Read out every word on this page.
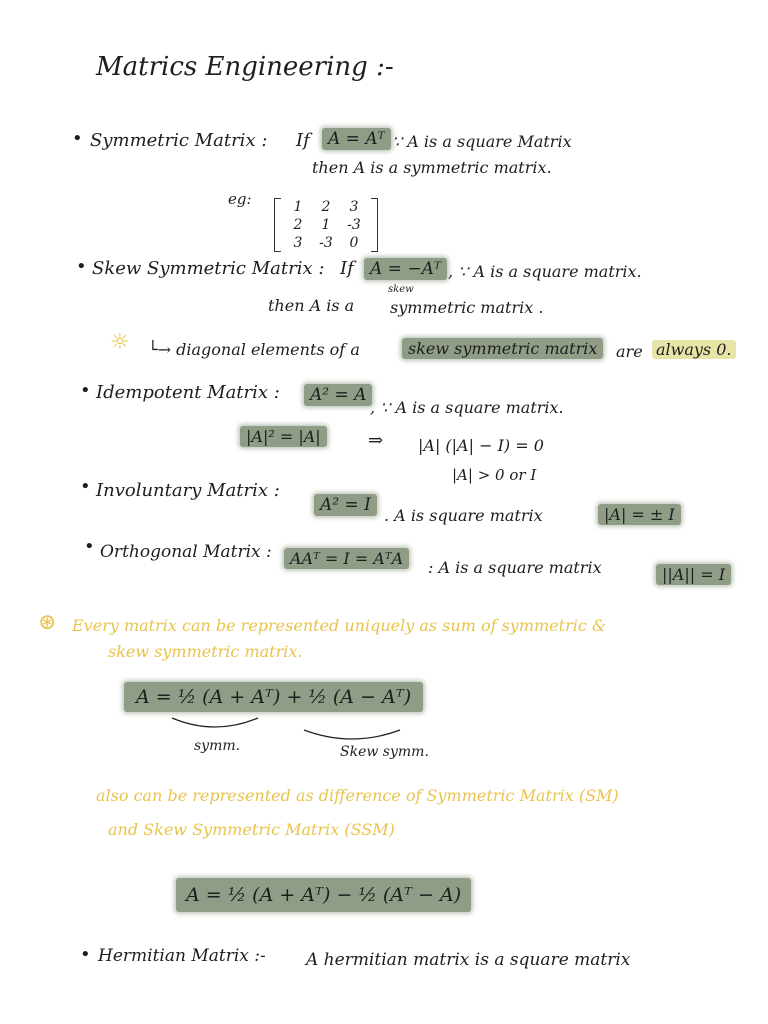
Matrics Engineering :-
• Symmetric Matrix : If	A = Aᵀ ∵ A is a square Matrix
then A is a symmetric matrix.
eg:	1	2	3
2	1	-3
3	-3	0
• Skew Symmetric Matrix : If A = −Aᵀ , ∵ A is a square matrix.
then A is a
skew
symmetric matrix .
☼ └→ diagonal elements of a	skew symmetric matrix	are always 0.
• Idempotent Matrix :	A² = A
, ∵ A is a square matrix.
|A|² = |A|	⇒ |A| (|A| − I) = 0
|A| > 0 or I
• Involuntary Matrix :
A² = I
. A is square matrix	|A| = ± I
• Orthogonal Matrix :	AAᵀ = I = AᵀA	: A is a square matrix	||A|| = I
⊛ Every matrix can be represented uniquely as sum of symmetric &
skew symmetric matrix.
A = ½ (A + Aᵀ) + ½ (A − Aᵀ)
symm.	Skew symm.
also can be represented as difference of Symmetric Matrix (SM)
and Skew Symmetric Matrix (SSM)
A = ½ (A + Aᵀ) − ½ (Aᵀ − A)
• Hermitian Matrix :- A hermitian matrix is a square matrix
